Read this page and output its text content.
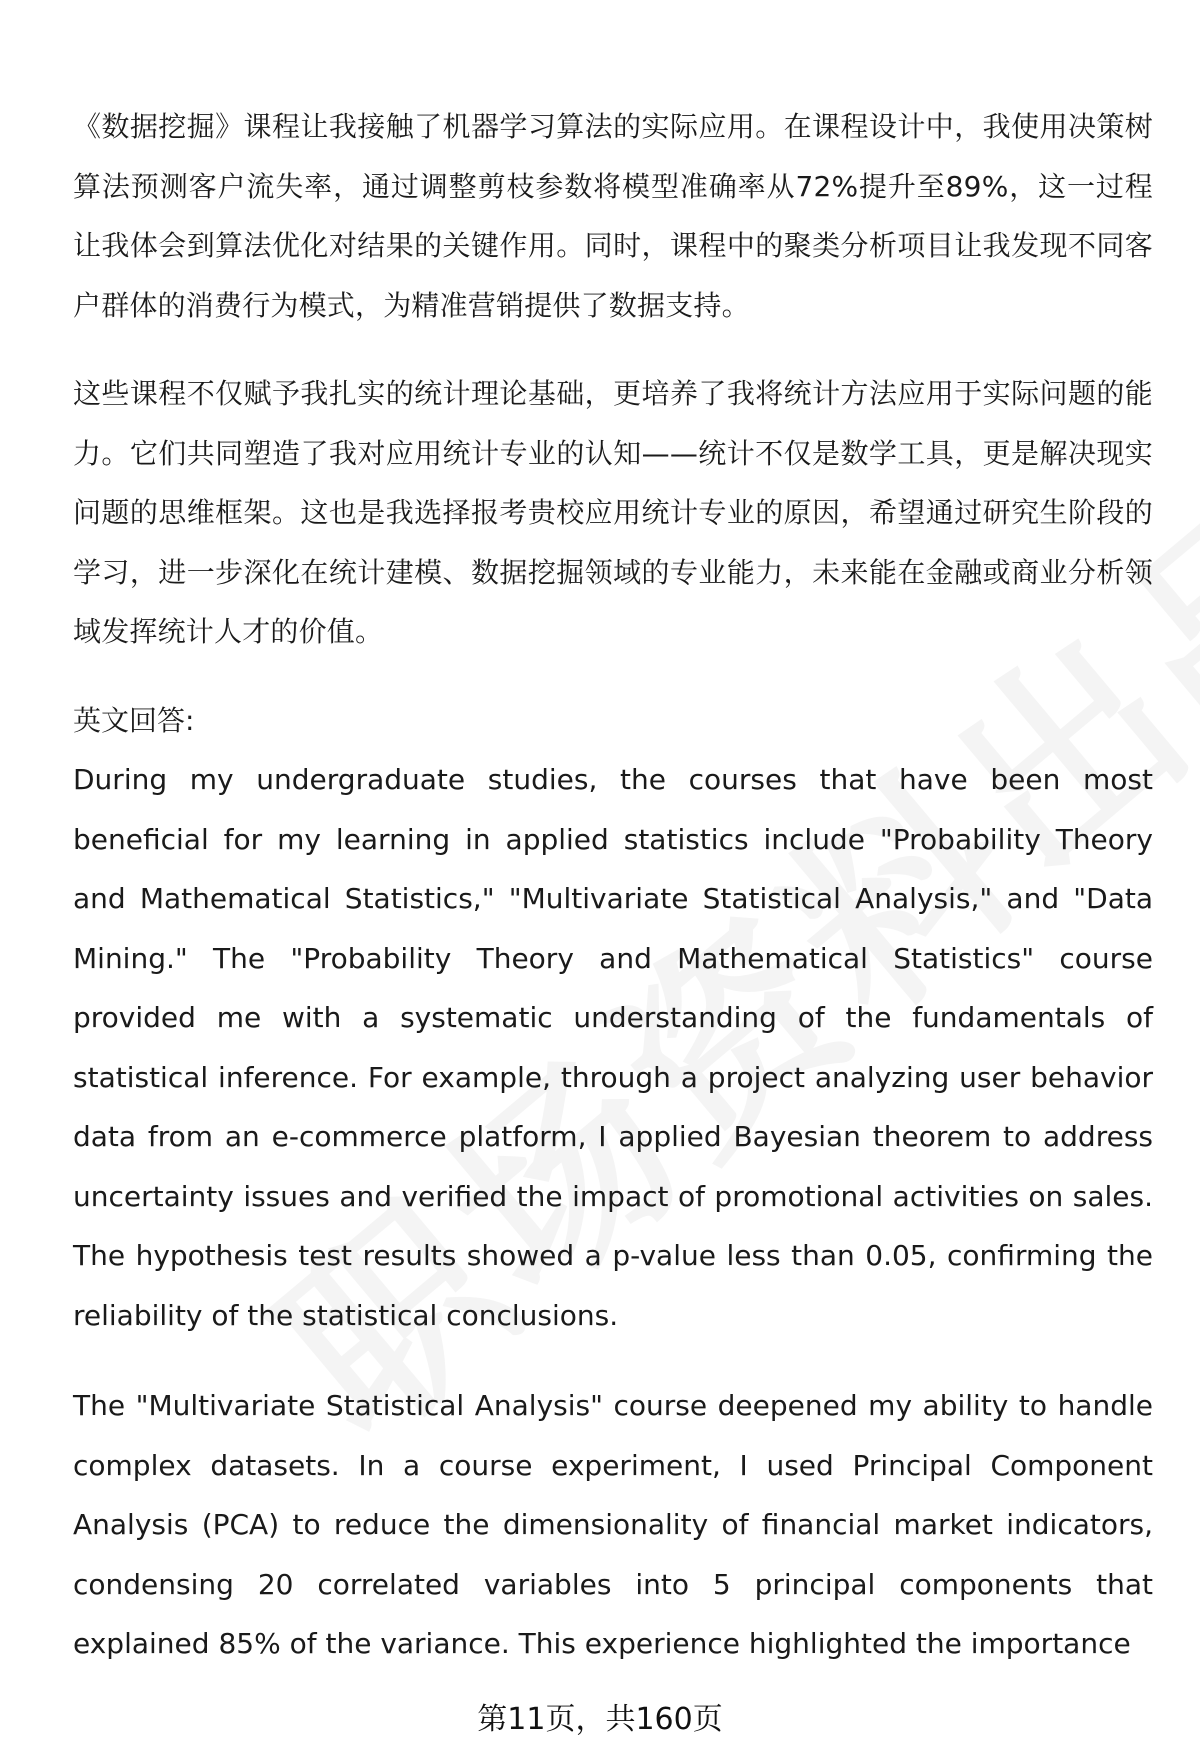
《数据挖掘》课程让我接触了机器学习算法的实际应用。在课程设计中，我使用决策树算法预测客户流失率，通过调整剪枝参数将模型准确率从72%提升至89%，这一过程让我体会到算法优化对结果的关键作用。同时，课程中的聚类分析项目让我发现不同客户群体的消费行为模式，为精准营销提供了数据支持。

这些课程不仅赋予我扎实的统计理论基础，更培养了我将统计方法应用于实际问题的能力。它们共同塑造了我对应用统计专业的认知——统计不仅是数学工具，更是解决现实问题的思维框架。这也是我选择报考贵校应用统计专业的原因，希望通过研究生阶段的学习，进一步深化在统计建模、数据挖掘领域的专业能力，未来能在金融或商业分析领域发挥统计人才的价值。

英文回答:

During my undergraduate studies, the courses that have been most beneficial for my learning in applied statistics include "Probability Theory and Mathematical Statistics," "Multivariate Statistical Analysis," and "Data Mining." The "Probability Theory and Mathematical Statistics" course provided me with a systematic understanding of the fundamentals of statistical inference. For example, through a project analyzing user behavior data from an e-commerce platform, I applied Bayesian theorem to address uncertainty issues and verified the impact of promotional activities on sales. The hypothesis test results showed a p-value less than 0.05, confirming the reliability of the statistical conclusions.

The "Multivariate Statistical Analysis" course deepened my ability to handle complex datasets. In a course experiment, I used Principal Component Analysis (PCA) to reduce the dimensionality of financial market indicators, condensing 20 correlated variables into 5 principal components that explained 85% of the variance. This experience highlighted the importance

第11页，共160页
